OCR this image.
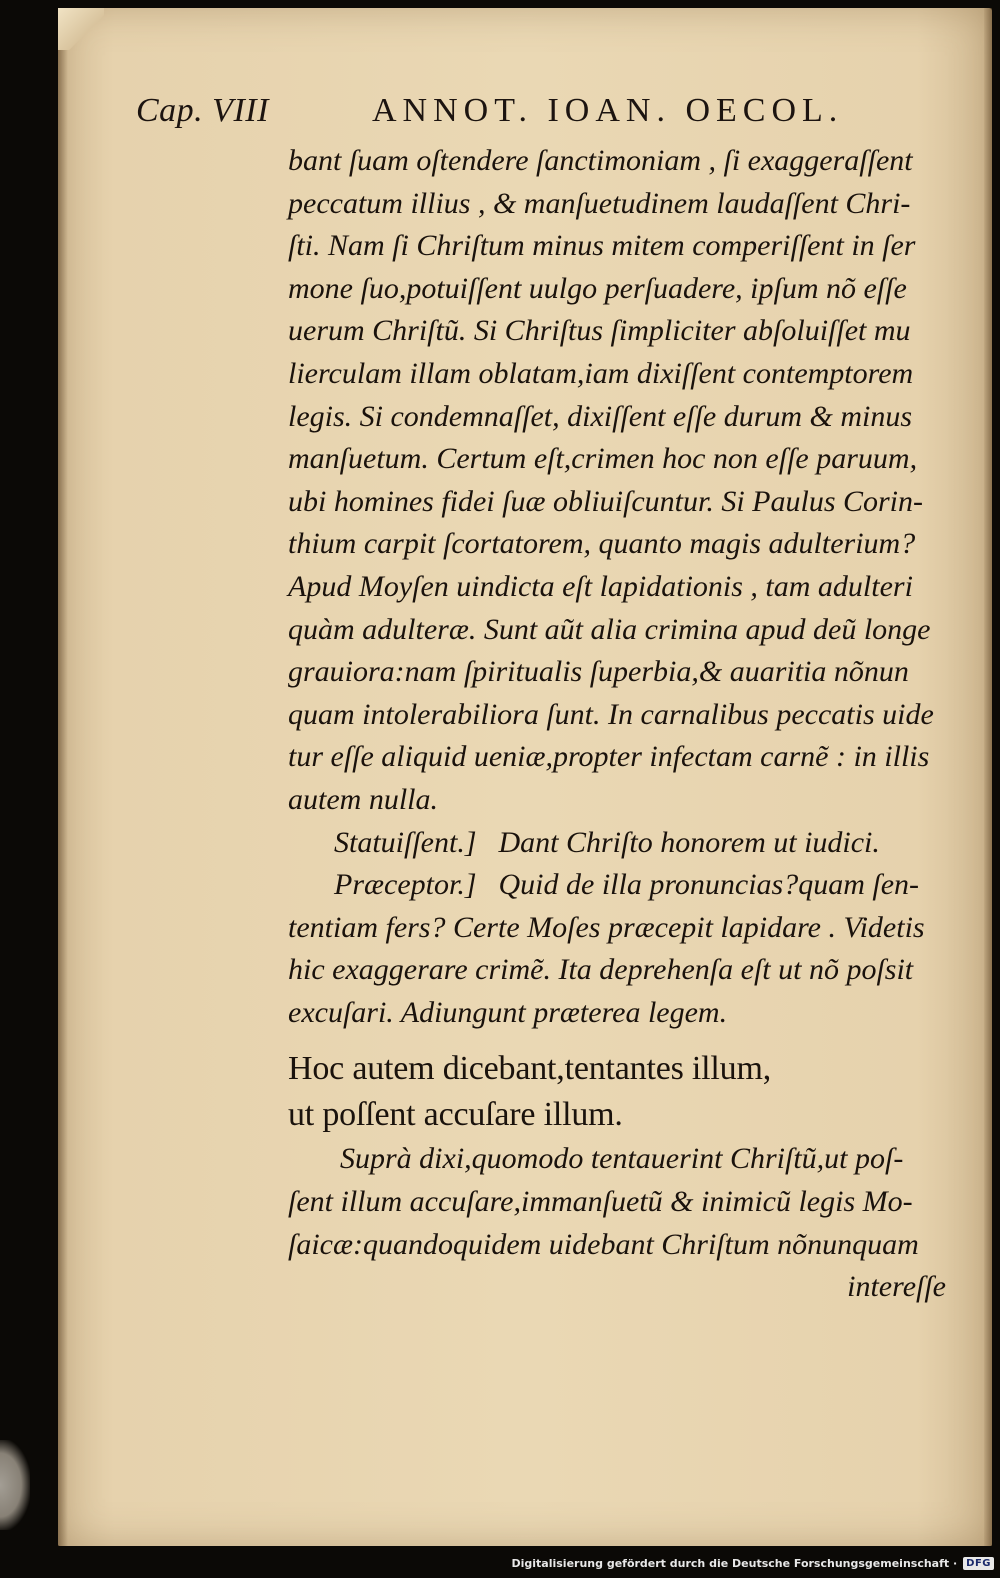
Cap. VIII	ANNOT. IOAN. OECOL.
bant ſuam oſtendere ſanctimoniam , ſi exaggeraſſent
peccatum illius , & manſuetudinem laudaſſent Chri-
ſti. Nam ſi Chriſtum minus mitem comperiſſent in ſer
mone ſuo,potuiſſent uulgo perſuadere, ipſum nõ eſſe
uerum Chriſtũ. Si Chriſtus ſimpliciter abſoluiſſet mu
lierculam illam oblatam,iam dixiſſent contemptorem
legis. Si condemnaſſet, dixiſſent eſſe durum & minus
manſuetum. Certum eſt,crimen hoc non eſſe paruum,
ubi homines fidei ſuæ obliuiſcuntur. Si Paulus Corin-
thium carpit ſcortatorem, quanto magis adulterium?
Apud Moyſen uindicta eſt lapidationis , tam adulteri
quàm adulteræ. Sunt aũt alia crimina apud deũ longe
grauiora:nam ſpiritualis ſuperbia,& auaritia nõnun
quam intolerabiliora ſunt. In carnalibus peccatis uide
tur eſſe aliquid ueniæ,propter infectam carnẽ : in illis
autem nulla.
Statuiſſent.] Dant Chriſto honorem ut iudici.
Præceptor.] Quid de illa pronuncias?quam ſen-
tentiam fers? Certe Moſes præcepit lapidare . Videtis
hic exaggerare crimẽ. Ita deprehenſa eſt ut nõ poſsit
excuſari. Adiungunt præterea legem.
Hoc autem dicebant,tentantes illum,
ut poſſent accuſare illum.
Suprà dixi,quomodo tentauerint Chriſtũ,ut poſ-
ſent illum accuſare,immanſuetũ & inimicũ legis Mo-
ſaicæ:quandoquidem uidebant Chriſtum nõnunquam
intereſſe
Digitalisierung gefördert durch die Deutsche Forschungsgemeinschaft · DFG
